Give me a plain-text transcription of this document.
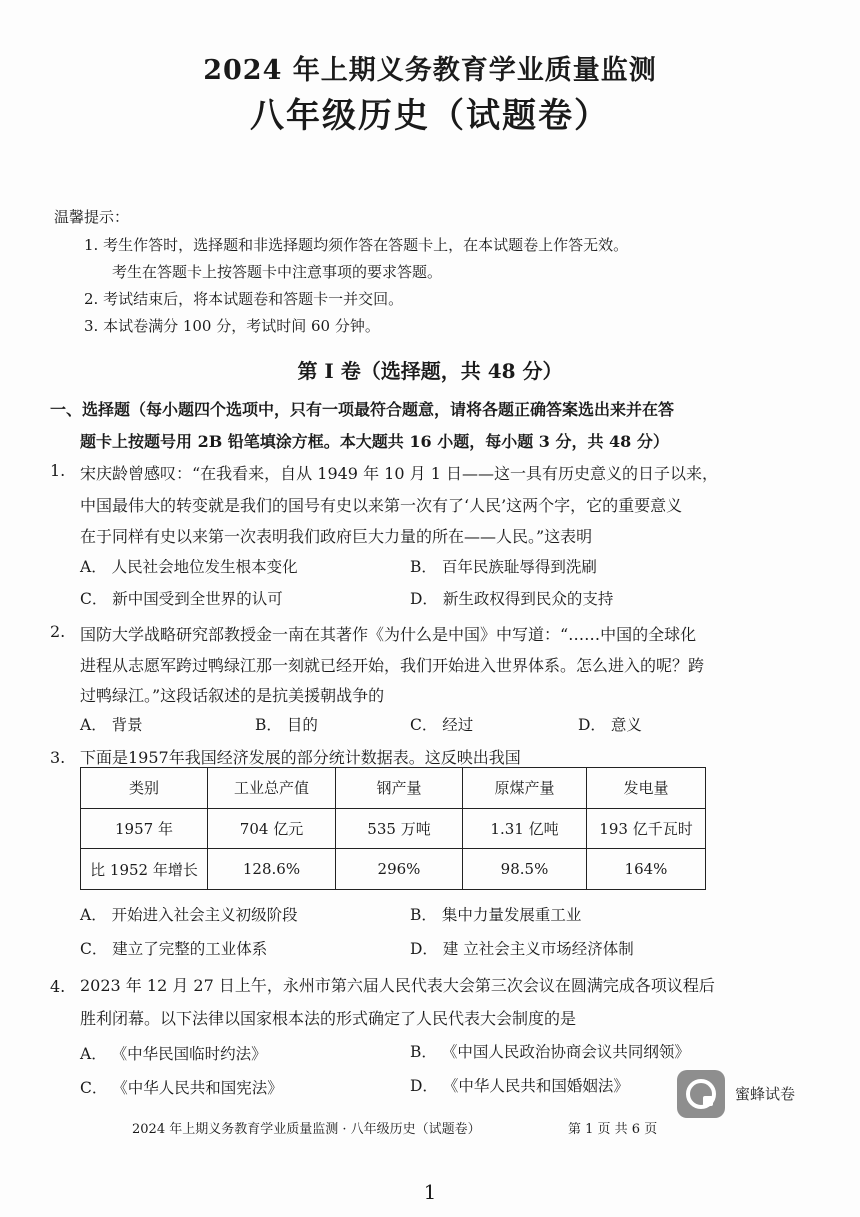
2024 年上期义务教育学业质量监测
八年级历史（试题卷）
温馨提示：
1. 考生作答时，选择题和非选择题均须作答在答题卡上，在本试题卷上作答无效。
考生在答题卡上按答题卡中注意事项的要求答题。
2. 考试结束后，将本试题卷和答题卡一并交回。
3. 本试卷满分 100 分，考试时间 60 分钟。
第 I 卷（选择题，共 48 分）
一、选择题（每小题四个选项中，只有一项最符合题意，请将各题正确答案选出来并在答
题卡上按题号用 2B 铅笔填涂方框。本大题共 16 小题，每小题 3 分，共 48 分）
1. 宋庆龄曾感叹：“在我看来，自从 1949 年 10 月 1 日——这一具有历史意义的日子以来，
中国最伟大的转变就是我们的国号有史以来第一次有了‘人民’这两个字，它的重要意义
在于同样有史以来第一次表明我们政府巨大力量的所在——人民。”这表明
A． 人民社会地位发生根本变化	B． 百年民族耻辱得到洗刷
C． 新中国受到全世界的认可	D． 新生政权得到民众的支持
2. 国防大学战略研究部教授金一南在其著作《为什么是中国》中写道：“……中国的全球化
进程从志愿军跨过鸭绿江那一刻就已经开始，我们开始进入世界体系。怎么进入的呢？跨
过鸭绿江。”这段话叙述的是抗美援朝战争的
A． 背景	B． 目的	C． 经过	D． 意义
3. 下面是1957年我国经济发展的部分统计数据表。这反映出我国
类别	工业总产值	钢产量	原煤产量	发电量
1957 年	704 亿元	535 万吨	1.31 亿吨	193 亿千瓦时
比 1952 年增长	128.6%	296%	98.5%	164%
A． 开始进入社会主义初级阶段	B． 集中力量发展重工业
C． 建立了完整的工业体系	D． 建 立社会主义市场经济体制
4. 2023 年 12 月 27 日上午，永州市第六届人民代表大会第三次会议在圆满完成各项议程后
胜利闭幕。以下法律以国家根本法的形式确定了人民代表大会制度的是
A． 《中华民国临时约法》	B． 《中国人民政治协商会议共同纲领》
C． 《中华人民共和国宪法》	D． 《中华人民共和国婚姻法》	蜜蜂试卷
2024 年上期义务教育学业质量监测 · 八年级历史（试题卷）	第 1 页 共 6 页
1
